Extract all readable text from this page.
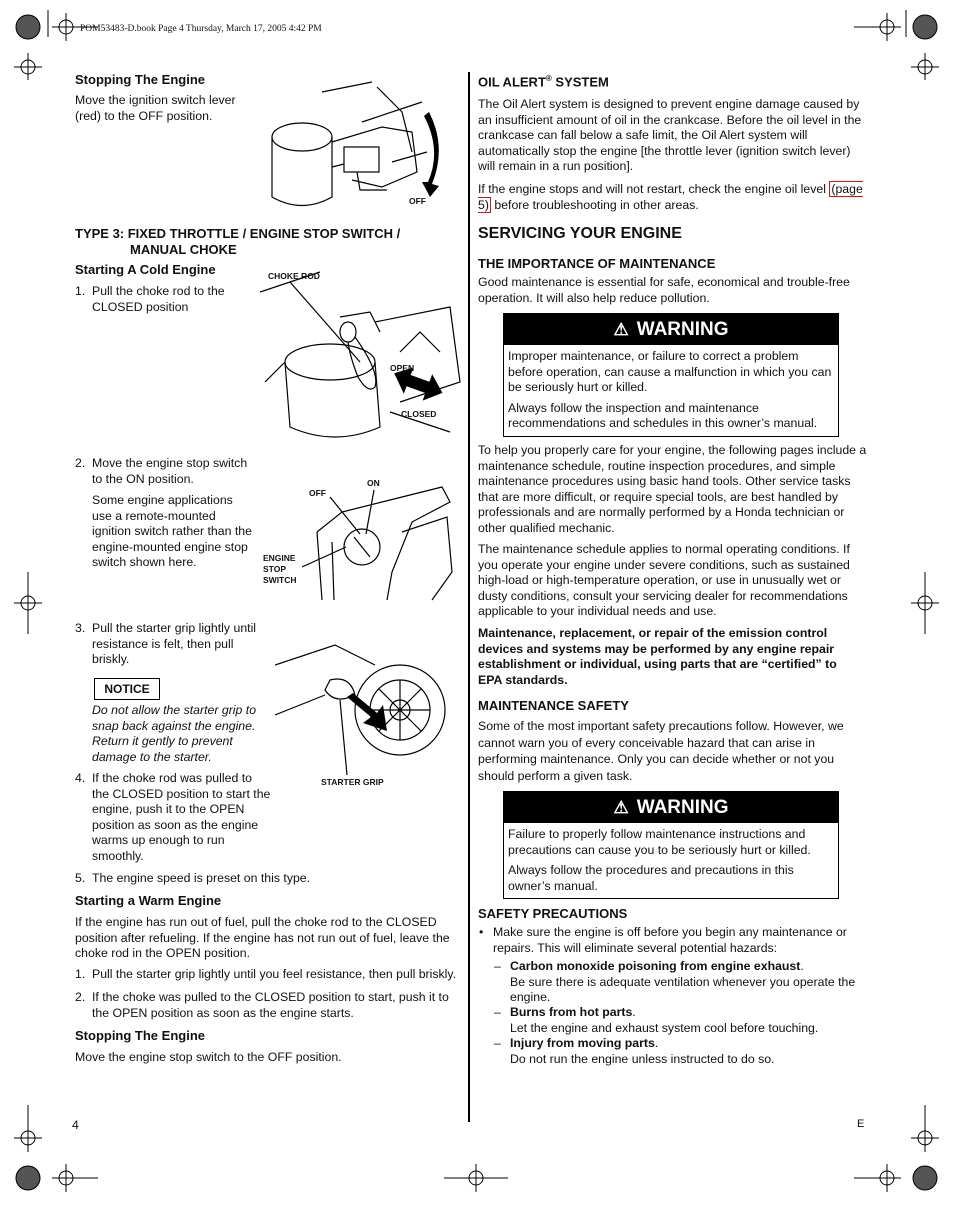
POM53483-D.book Page 4 Thursday, March 17, 2005 4:42 PM
Stopping The Engine

Move the ignition switch lever (red) to the OFF position.

OFF
TYPE 3: FIXED THROTTLE / ENGINE STOP SWITCH /
MANUAL CHOKE
Starting A Cold Engine

1. Pull the choke rod to the CLOSED position

CHOKE ROD
OPEN
CLOSED

2. Move the engine stop switch to the ON position.

Some engine applications use a remote-mounted ignition switch rather than the engine-mounted engine stop switch shown here.

OFF
ON
ENGINE
STOP
SWITCH

3. Pull the starter grip lightly until resistance is felt, then pull briskly.

NOTICE

Do not allow the starter grip to snap back against the engine. Return it gently to prevent damage to the starter.

STARTER GRIP

4. If the choke rod was pulled to the CLOSED position to start the engine, push it to the OPEN position as soon as the engine warms up enough to run smoothly.

5. The engine speed is preset on this type.

Starting a Warm Engine

If the engine has run out of fuel, pull the choke rod to the CLOSED position after refueling. If the engine has not run out of fuel, leave the choke rod in the OPEN position.

1. Pull the starter grip lightly until you feel resistance, then pull briskly.

2. If the choke was pulled to the CLOSED position to start, push it to the OPEN position as soon as the engine starts.

Stopping The Engine

Move the engine stop switch to the OFF position.

4

OIL ALERT® SYSTEM

The Oil Alert system is designed to prevent engine damage caused by an insufficient amount of oil in the crankcase. Before the oil level in the crankcase can fall below a safe limit, the Oil Alert system will automatically stop the engine [the throttle lever (ignition switch lever) will remain in a run position].

If the engine stops and will not restart, check the engine oil level (page 5) before troubleshooting in other areas.

SERVICING YOUR ENGINE
THE IMPORTANCE OF MAINTENANCE

Good maintenance is essential for safe, economical and trouble-free operation. It will also help reduce pollution.

⚠ WARNING

Improper maintenance, or failure to correct a problem before operation, can cause a malfunction in which you can be seriously hurt or killed.

Always follow the inspection and maintenance recommendations and schedules in this owner’s manual.

To help you properly care for your engine, the following pages include a maintenance schedule, routine inspection procedures, and simple maintenance procedures using basic hand tools. Other service tasks that are more difficult, or require special tools, are best handled by professionals and are normally performed by a Honda technician or other qualified mechanic.

The maintenance schedule applies to normal operating conditions. If you operate your engine under severe conditions, such as sustained high-load or high-temperature operation, or use in unusually wet or dusty conditions, consult your servicing dealer for recommendations applicable to your individual needs and use.

Maintenance, replacement, or repair of the emission control devices and systems may be performed by any engine repair establishment or individual, using parts that are “certified” to EPA standards.

MAINTENANCE SAFETY

Some of the most important safety precautions follow. However, we cannot warn you of every conceivable hazard that can arise in performing maintenance. Only you can decide whether or not you should perform a given task.

⚠ WARNING

Failure to properly follow maintenance instructions and precautions can cause you to be seriously hurt or killed.

Always follow the procedures and precautions in this owner’s manual.

SAFETY PRECAUTIONS

• Make sure the engine is off before you begin any maintenance or repairs. This will eliminate several potential hazards:

– Carbon monoxide poisoning from engine exhaust.
Be sure there is adequate ventilation whenever you operate the engine.

– Burns from hot parts.
Let the engine and exhaust system cool before touching.

– Injury from moving parts.
Do not run the engine unless instructed to do so.

E
